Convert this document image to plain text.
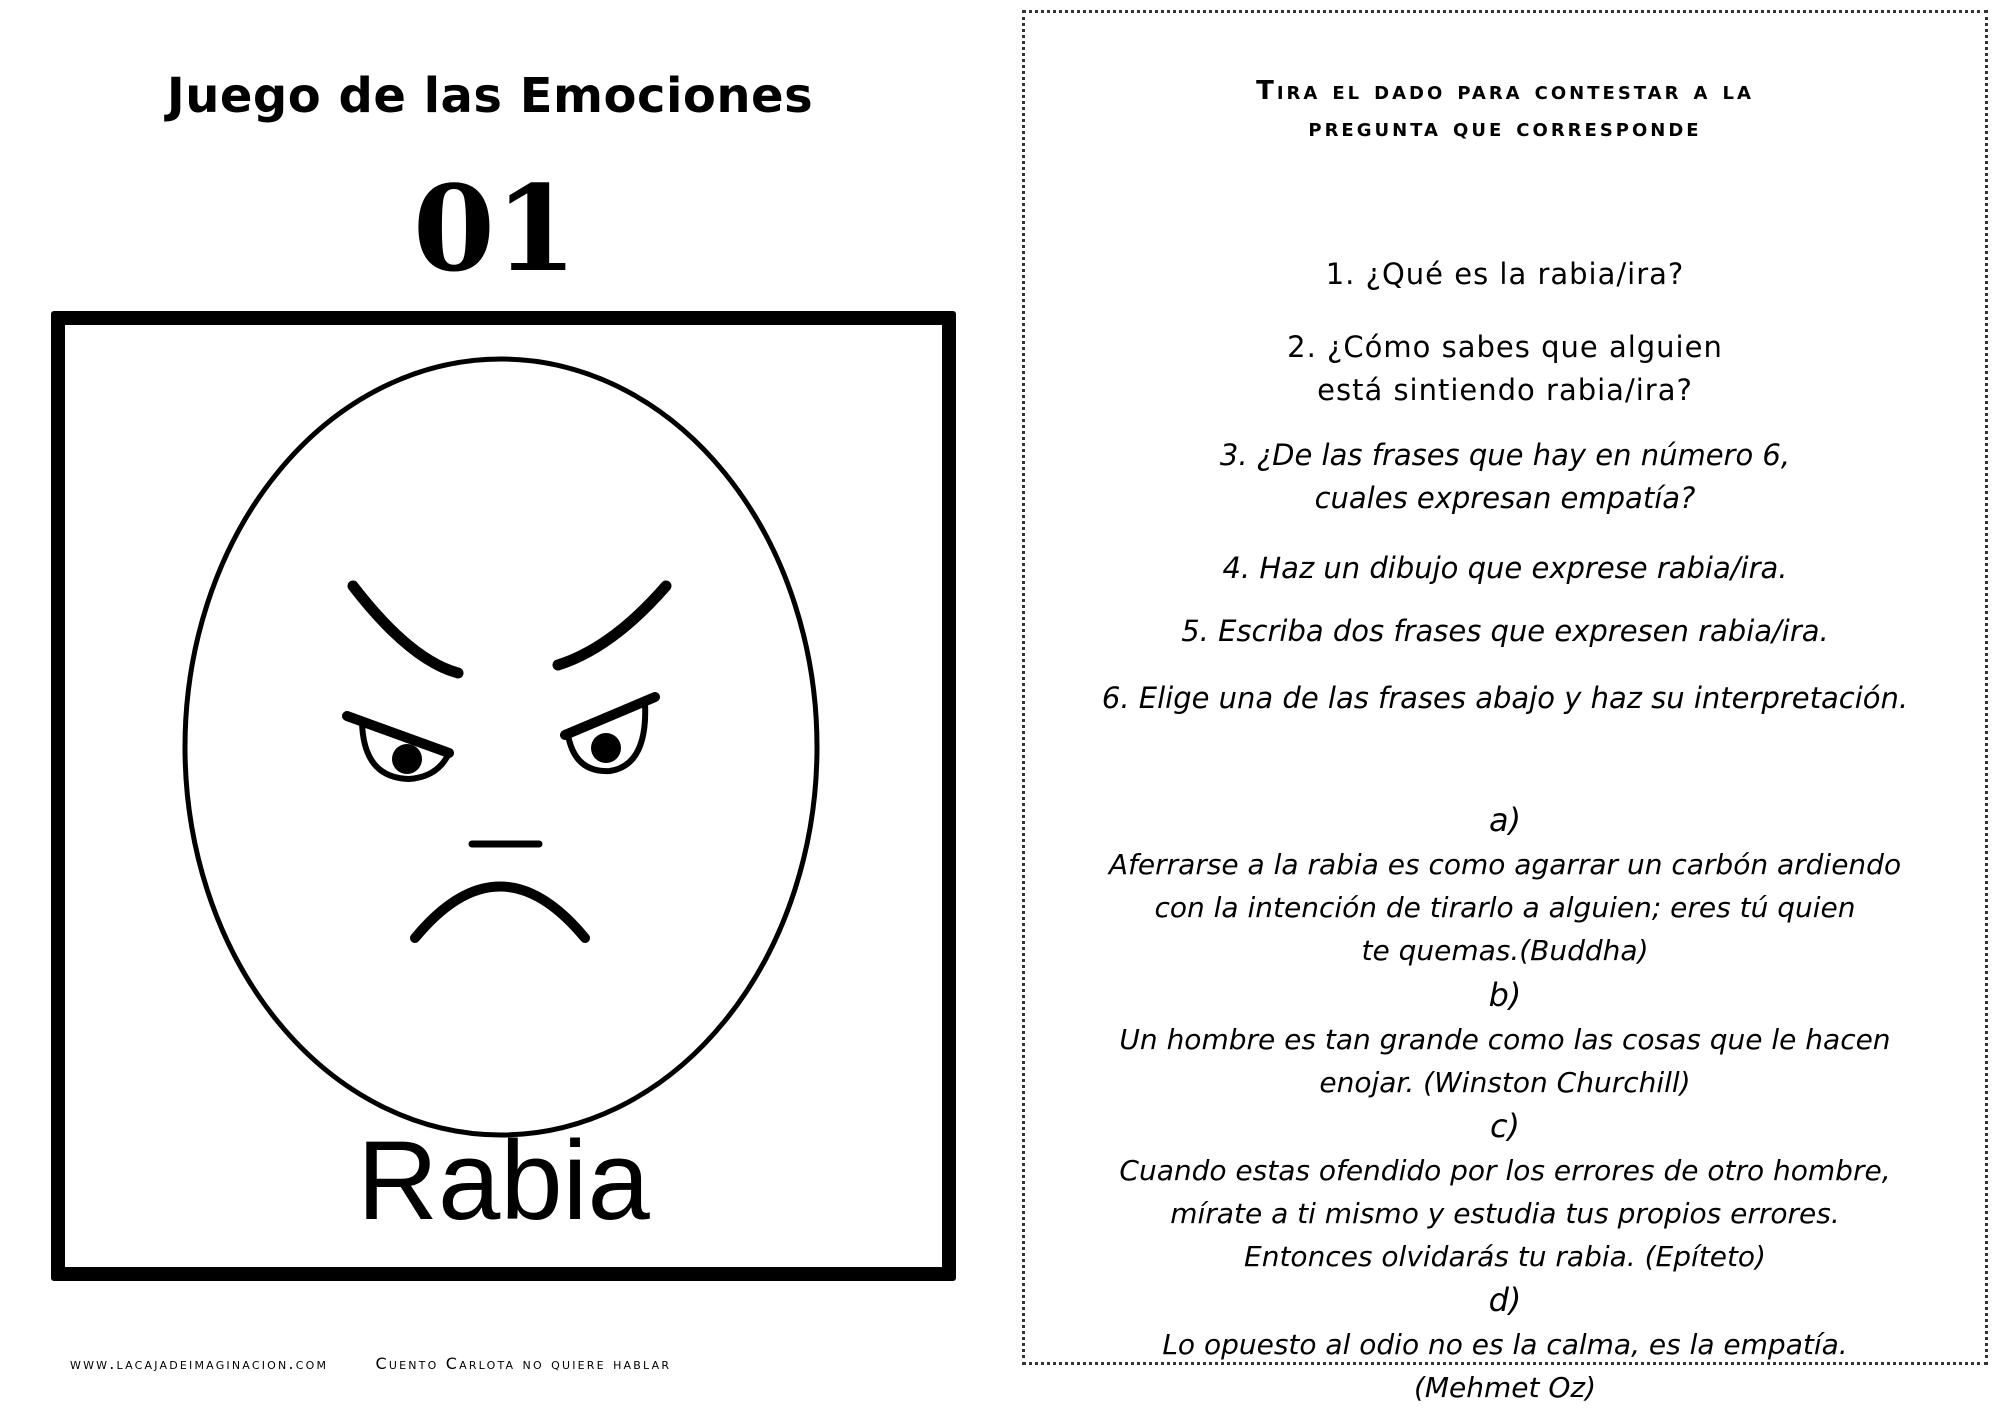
Juego de las Emociones
01
Rabia
www.lacajadeimaginacion.com	Cuento Carlota no quiere hablar
Tira el dado para contestar a la
pregunta que corresponde
1. ¿Qué es la rabia/ira?
2. ¿Cómo sabes que alguien
está sintiendo rabia/ira?
3. ¿De las frases que hay en número 6,
cuales expresan empatía?
4. Haz un dibujo que exprese rabia/ira.
5. Escriba dos frases que expresen rabia/ira.
6. Elige una de las frases abajo y haz su interpretación.

a)
Aferrarse a la rabia es como agarrar un carbón ardiendo
con la intención de tirarlo a alguien; eres tú quien
te quemas.(Buddha)

b)
Un hombre es tan grande como las cosas que le hacen
enojar. (Winston Churchill)

c)
Cuando estas ofendido por los errores de otro hombre,
mírate a ti mismo y estudia tus propios errores.
Entonces olvidarás tu rabia. (Epíteto)

d)
Lo opuesto al odio no es la calma, es la empatía.
(Mehmet Oz)
